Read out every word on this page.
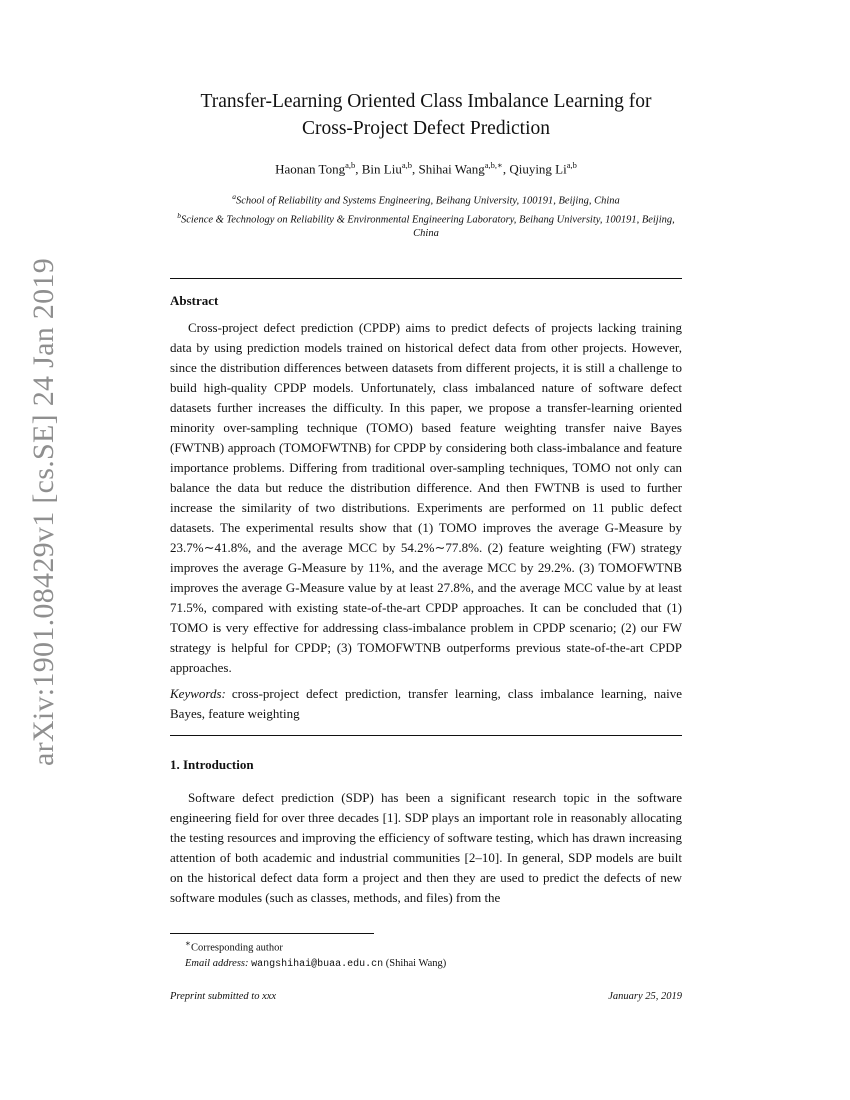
arXiv:1901.08429v1 [cs.SE] 24 Jan 2019
Transfer-Learning Oriented Class Imbalance Learning for
Cross-Project Defect Prediction
Haonan Tong$^{a,b}$, Bin Liu$^{a,b}$, Shihai Wang$^{a,b,∗}$, Qiuying Li$^{a,b}$
$^a$School of Reliability and Systems Engineering, Beihang University, 100191, Beijing, China
$^b$Science & Technology on Reliability & Environmental Engineering Laboratory, Beihang University, 100191, Beijing, China
Abstract

Cross-project defect prediction (CPDP) aims to predict defects of projects lacking training data by using prediction models trained on historical defect data from other projects. However, since the distribution differences between datasets from different projects, it is still a challenge to build high-quality CPDP models. Unfortunately, class imbalanced nature of software defect datasets further increases the difficulty. In this paper, we propose a transfer-learning oriented minority over-sampling technique (TOMO) based feature weighting transfer naive Bayes (FWTNB) approach (TOMOFWTNB) for CPDP by considering both class-imbalance and feature importance problems. Differing from traditional over-sampling techniques, TOMO not only can balance the data but reduce the distribution difference. And then FWTNB is used to further increase the similarity of two distributions. Experiments are performed on 11 public defect datasets. The experimental results show that (1) TOMO improves the average G-Measure by 23.7%∼41.8%, and the average MCC by 54.2%∼77.8%. (2) feature weighting (FW) strategy improves the average G-Measure by 11%, and the average MCC by 29.2%. (3) TOMOFWTNB improves the average G-Measure value by at least 27.8%, and the average MCC value by at least 71.5%, compared with existing state-of-the-art CPDP approaches. It can be concluded that (1) TOMO is very effective for addressing class-imbalance problem in CPDP scenario; (2) our FW strategy is helpful for CPDP; (3) TOMOFWTNB outperforms previous state-of-the-art CPDP approaches.

Keywords: cross-project defect prediction, transfer learning, class imbalance learning, naive Bayes, feature weighting
1. Introduction

Software defect prediction (SDP) has been a significant research topic in the software engineering field for over three decades [1]. SDP plays an important role in reasonably allocating the testing resources and improving the efficiency of software testing, which has drawn increasing attention of both academic and industrial communities [2–10]. In general, SDP models are built on the historical defect data form a project and then they are used to predict the defects of new software modules (such as classes, methods, and files) from the

∗Corresponding author
Email address: wangshihai@buaa.edu.cn (Shihai Wang)
Preprint submitted to xxx	January 25, 2019
